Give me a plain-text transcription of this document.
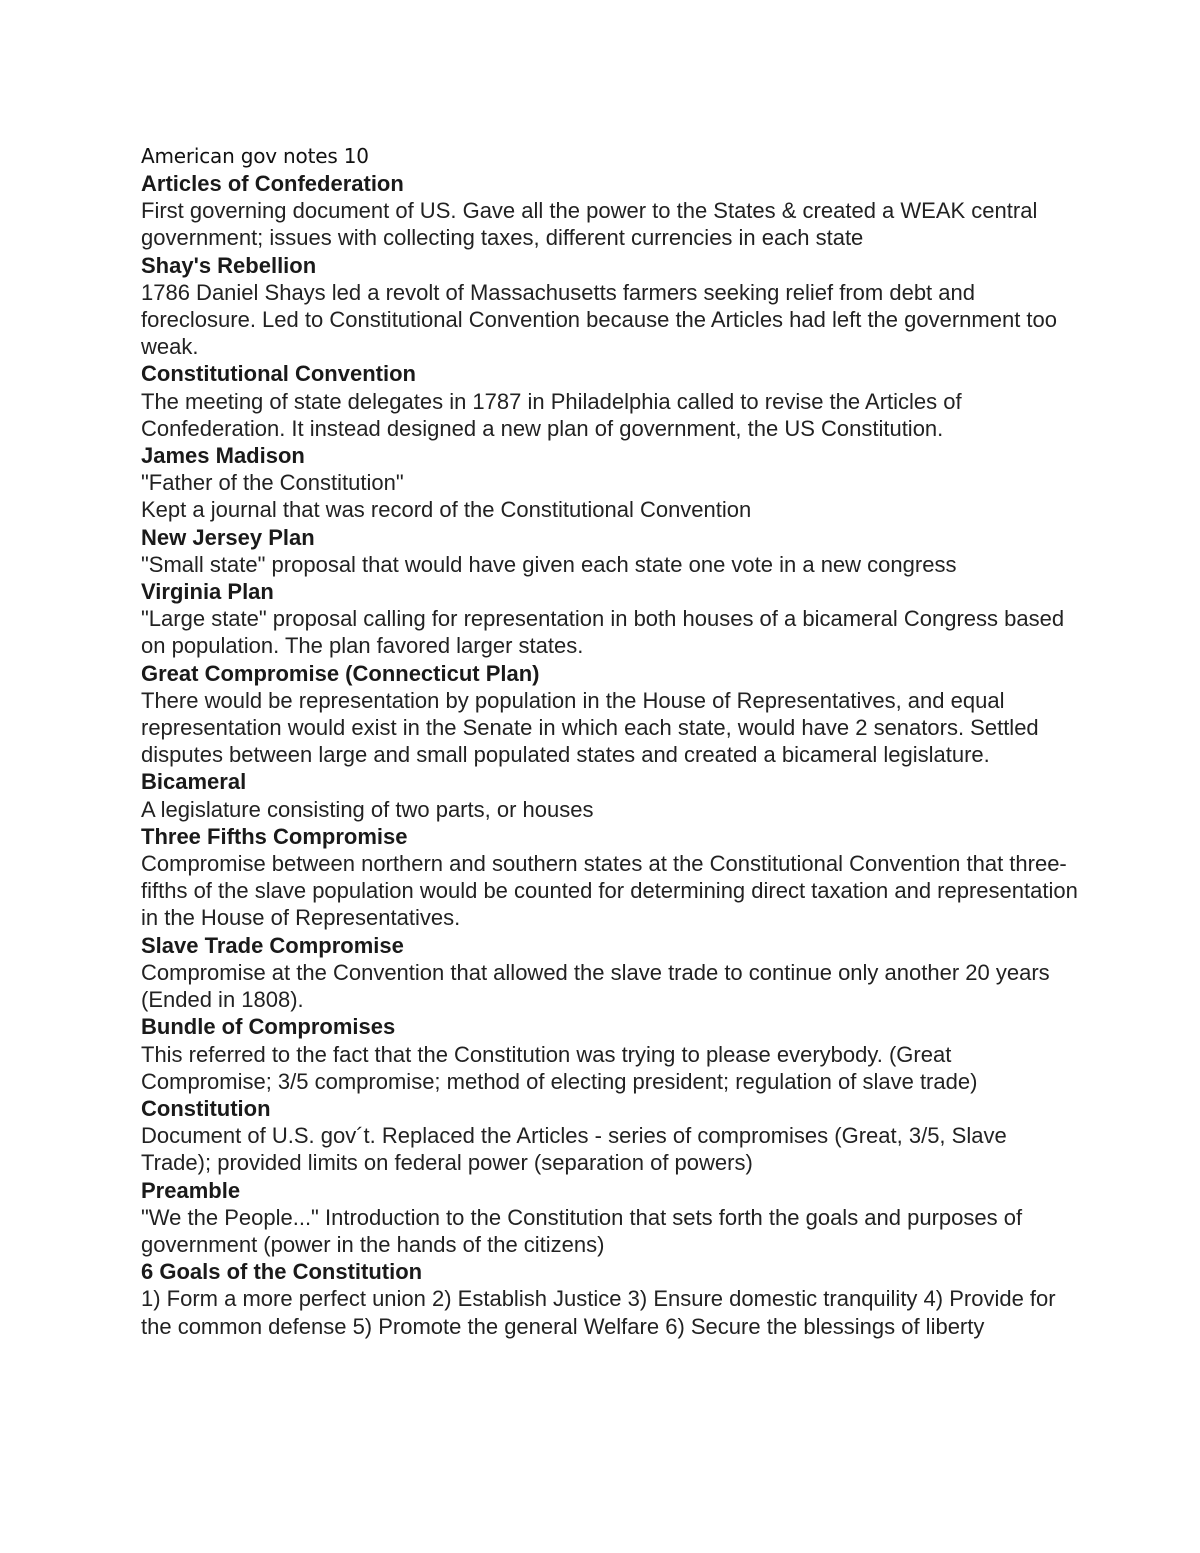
American gov notes 10

Articles of Confederation

First governing document of US. Gave all the power to the States & created a WEAK central government; issues with collecting taxes, different currencies in each state

Shay's Rebellion

1786 Daniel Shays led a revolt of Massachusetts farmers seeking relief from debt and foreclosure. Led to Constitutional Convention because the Articles had left the government too weak.

Constitutional Convention

The meeting of state delegates in 1787 in Philadelphia called to revise the Articles of Confederation. It instead designed a new plan of government, the US Constitution.

James Madison

"Father of the Constitution"

Kept a journal that was record of the Constitutional Convention

New Jersey Plan

"Small state" proposal that would have given each state one vote in a new congress

Virginia Plan

"Large state" proposal calling for representation in both houses of a bicameral Congress based on population. The plan favored larger states.

Great Compromise (Connecticut Plan)

There would be representation by population in the House of Representatives, and equal representation would exist in the Senate in which each state, would have 2 senators. Settled disputes between large and small populated states and created a bicameral legislature.

Bicameral

A legislature consisting of two parts, or houses

Three Fifths Compromise

Compromise between northern and southern states at the Constitutional Convention that three-fifths of the slave population would be counted for determining direct taxation and representation in the House of Representatives.

Slave Trade Compromise

Compromise at the Convention that allowed the slave trade to continue only another 20 years (Ended in 1808).

Bundle of Compromises

This referred to the fact that the Constitution was trying to please everybody. (Great Compromise; 3/5 compromise; method of electing president; regulation of slave trade)

Constitution

Document of U.S. gov´t. Replaced the Articles - series of compromises (Great, 3/5, Slave Trade); provided limits on federal power (separation of powers)

Preamble

"We the People..." Introduction to the Constitution that sets forth the goals and purposes of government (power in the hands of the citizens)

6 Goals of the Constitution

1) Form a more perfect union 2) Establish Justice 3) Ensure domestic tranquility 4) Provide for the common defense 5) Promote the general Welfare 6) Secure the blessings of liberty
